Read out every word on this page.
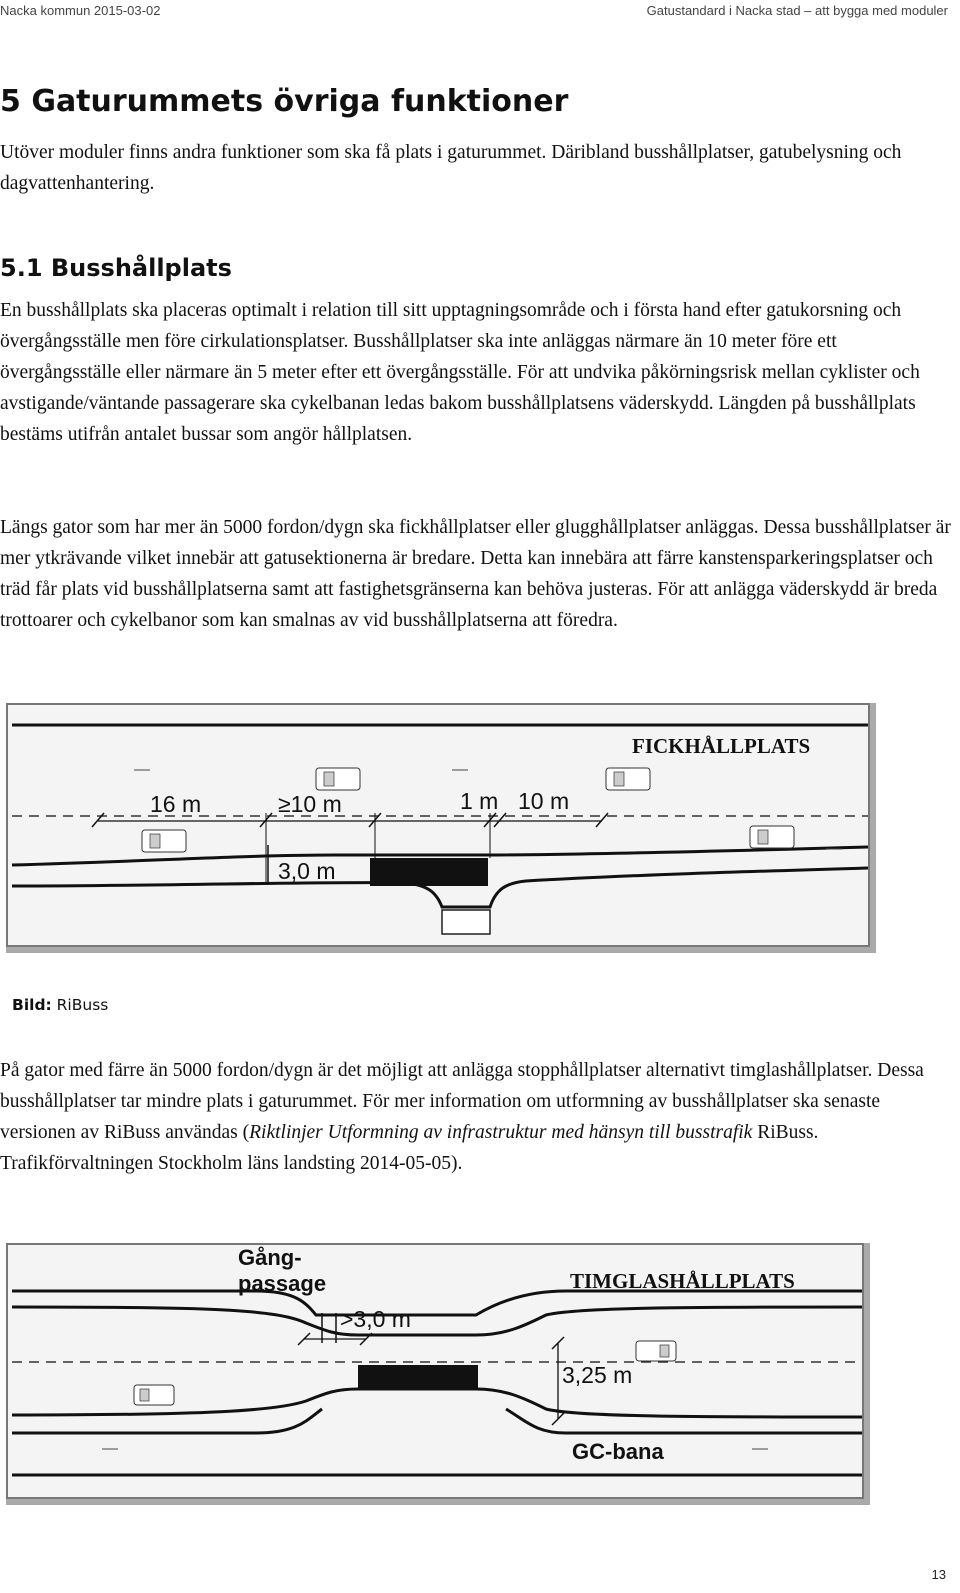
Nacka kommun 2015-03-02	Gatustandard i Nacka stad – att bygga med moduler
5 Gaturummets övriga funktioner

Utöver moduler finns andra funktioner som ska få plats i gaturummet. Däribland busshållplatser, gatubelysning och dagvattenhantering.

5.1 Busshållplats

En busshållplats ska placeras optimalt i relation till sitt upptagningsområde och i första hand efter gatukorsning och övergångsställe men före cirkulationsplatser. Busshållplatser ska inte anläggas närmare än 10 meter före ett övergångsställe eller närmare än 5 meter efter ett övergångsställe. För att undvika påkörningsrisk mellan cyklister och avstigande/väntande passagerare ska cykelbanan ledas bakom busshållplatsens väderskydd. Längden på busshållplats bestäms utifrån antalet bussar som angör hållplatsen.

Längs gator som har mer än 5000 fordon/dygn ska fickhållplatser eller glugghållplatser anläggas. Dessa busshållplatser är mer ytkrävande vilket innebär att gatusektionerna är bredare. Detta kan innebära att färre kanstensparkeringsplatser och träd får plats vid busshållplatserna samt att fastighetsgränserna kan behöva justeras. För att anlägga väderskydd är breda trottoarer och cykelbanor som kan smalnas av vid busshållplatserna att föredra.

FICKHÅLLPLATS
16 m	≥10 m	1 m 10 m
3,0 m
Bild: RiBuss

På gator med färre än 5000 fordon/dygn är det möjligt att anlägga stopphållplatser alternativt timglashållplatser. Dessa busshållplatser tar mindre plats i gaturummet. För mer information om utformning av busshållplatser ska senaste versionen av RiBuss användas (Riktlinjer Utformning av infrastruktur med hänsyn till busstrafik RiBuss. Trafikförvaltningen Stockholm läns landsting 2014-05-05).

TIMGLASHÅLLPLATS
Gång-
passage
>3,0 m
3,25 m
GC-bana
13
